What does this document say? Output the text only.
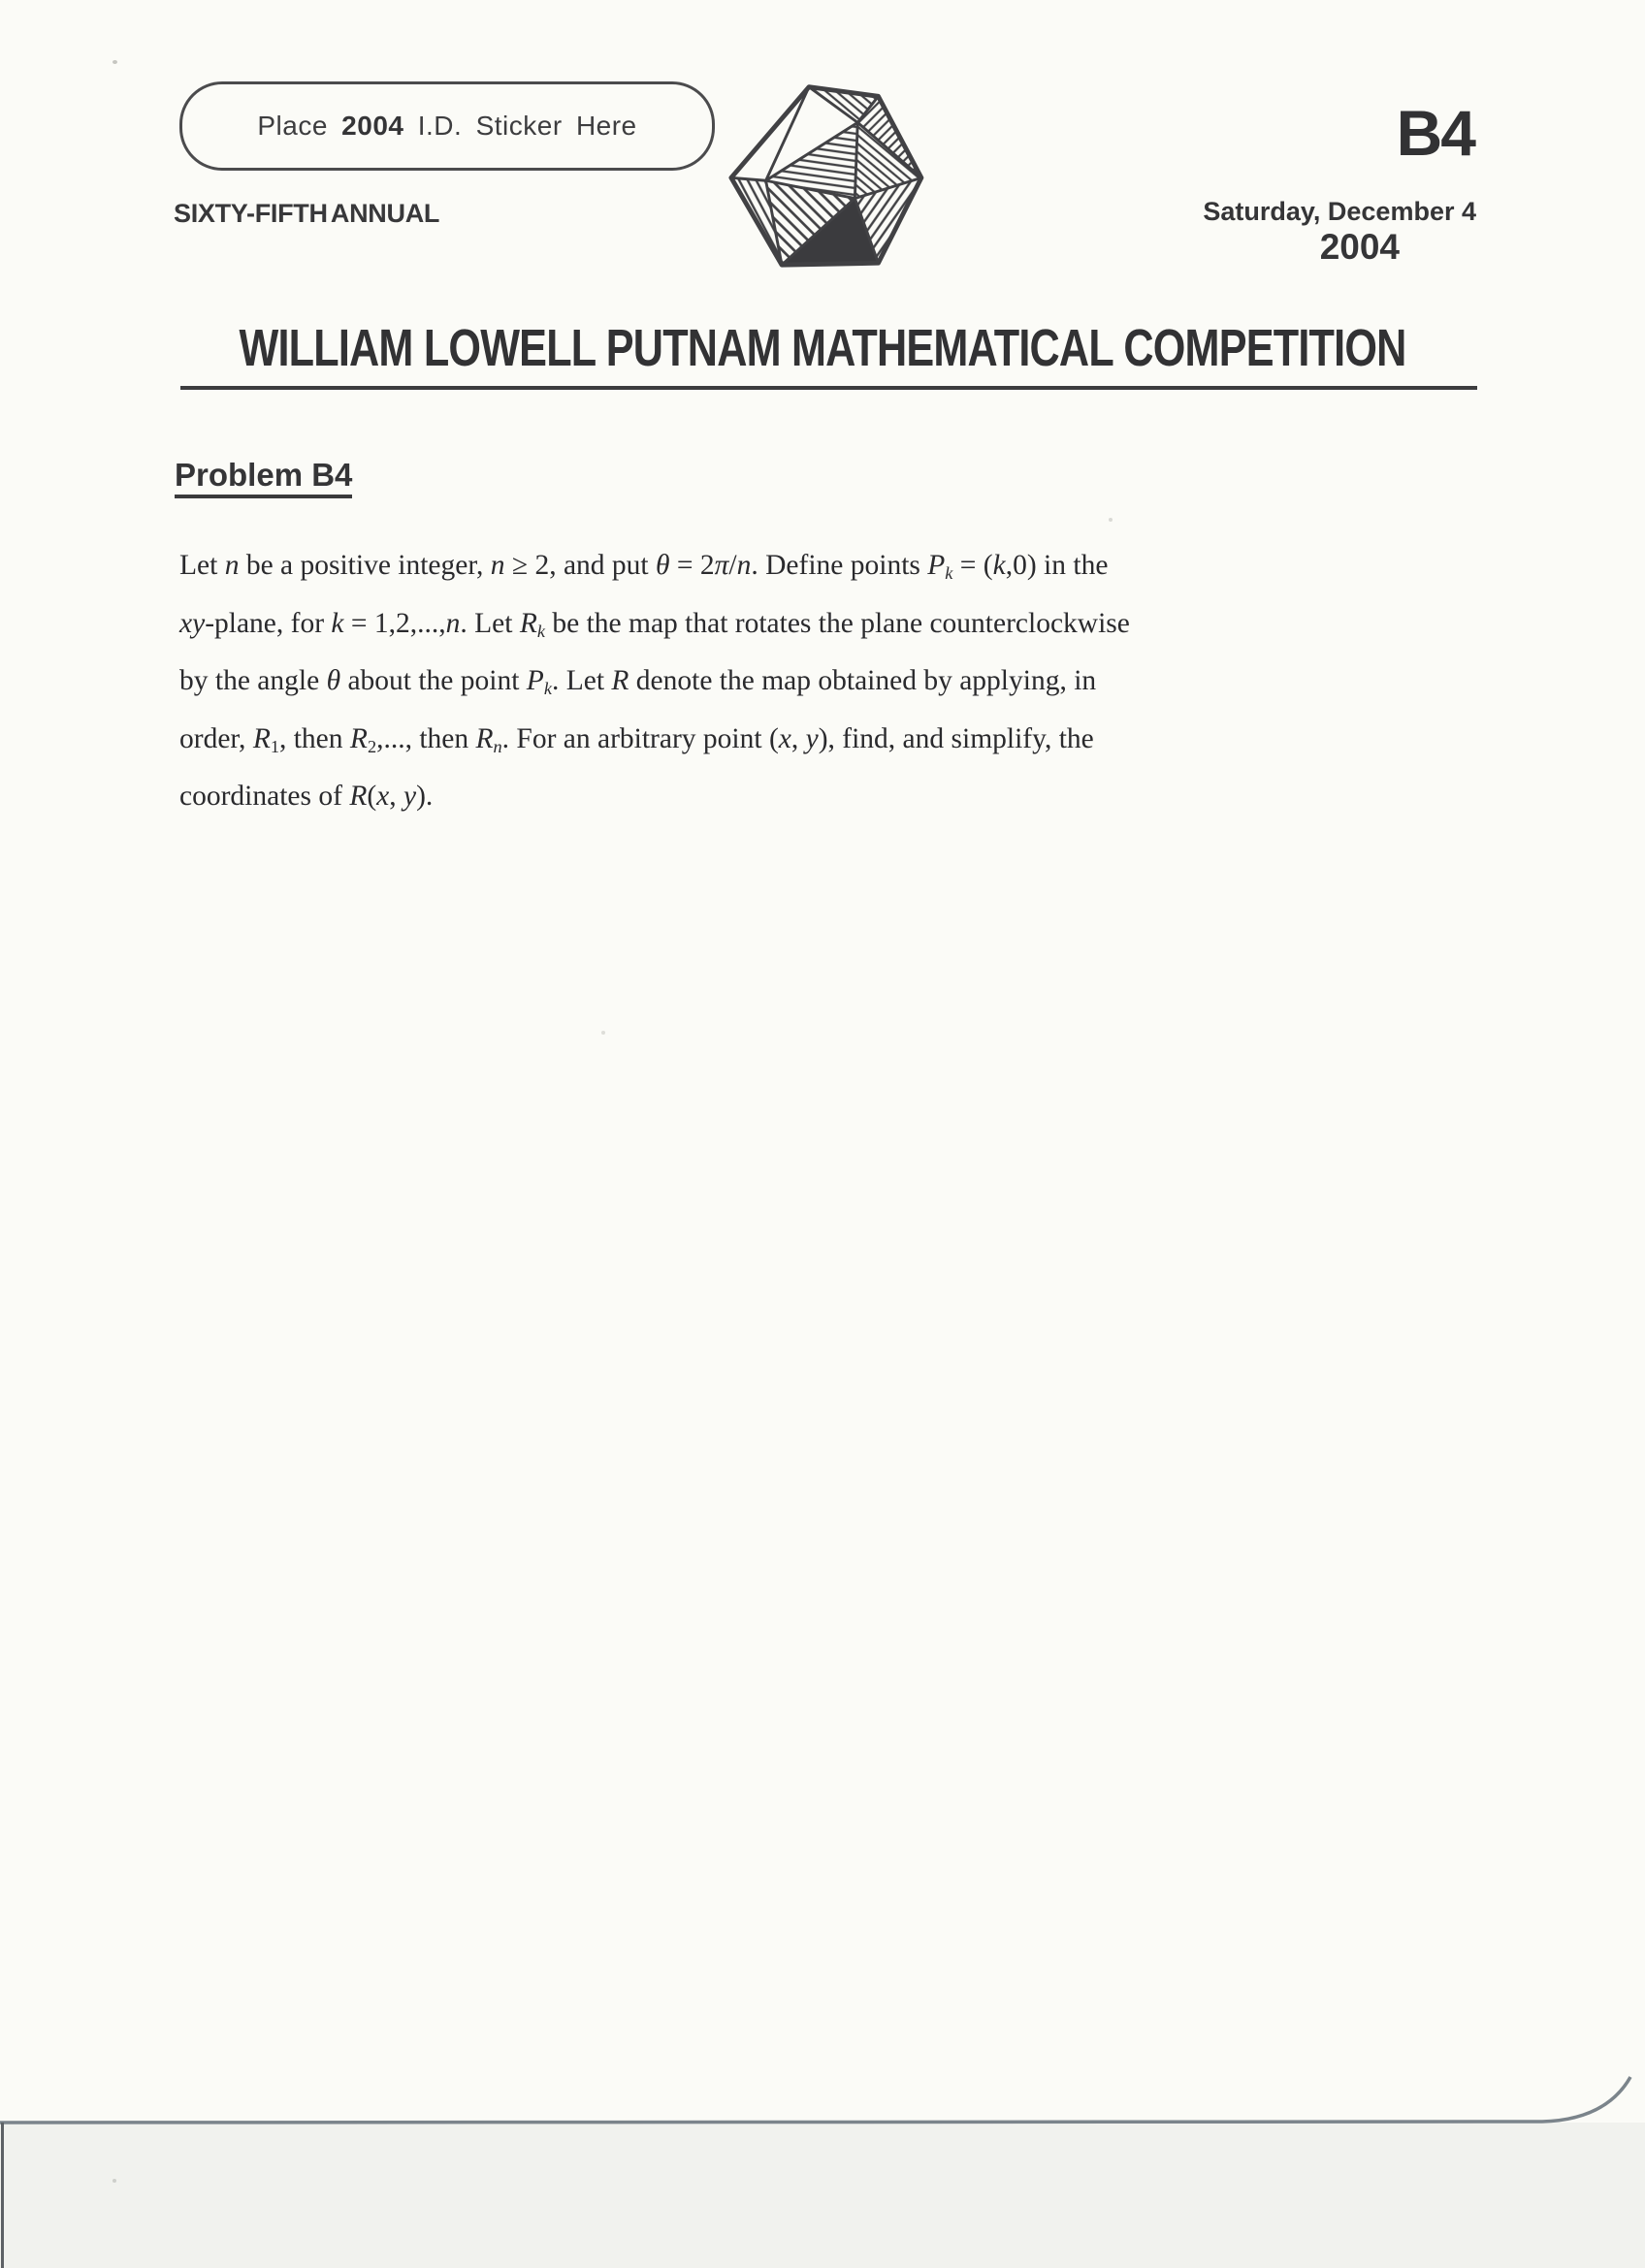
Place 2004 I.D. Sticker Here
SIXTY-FIFTH ANNUAL
B4
Saturday, December 4
2004
WILLIAM LOWELL PUTNAM MATHEMATICAL COMPETITION
Problem B4
Let n be a positive integer, n ≥ 2, and put θ = 2π/n. Define points $P_k = (k,0)$ in the
xy-plane, for k = 1,2,...,n. Let $R_k$ be the map that rotates the plane counterclockwise
by the angle θ about the point $P_k$. Let R denote the map obtained by applying, in
order, $R_1$, then $R_2$,..., then $R_n$. For an arbitrary point (x, y), find, and simplify, the
coordinates of R(x, y).
